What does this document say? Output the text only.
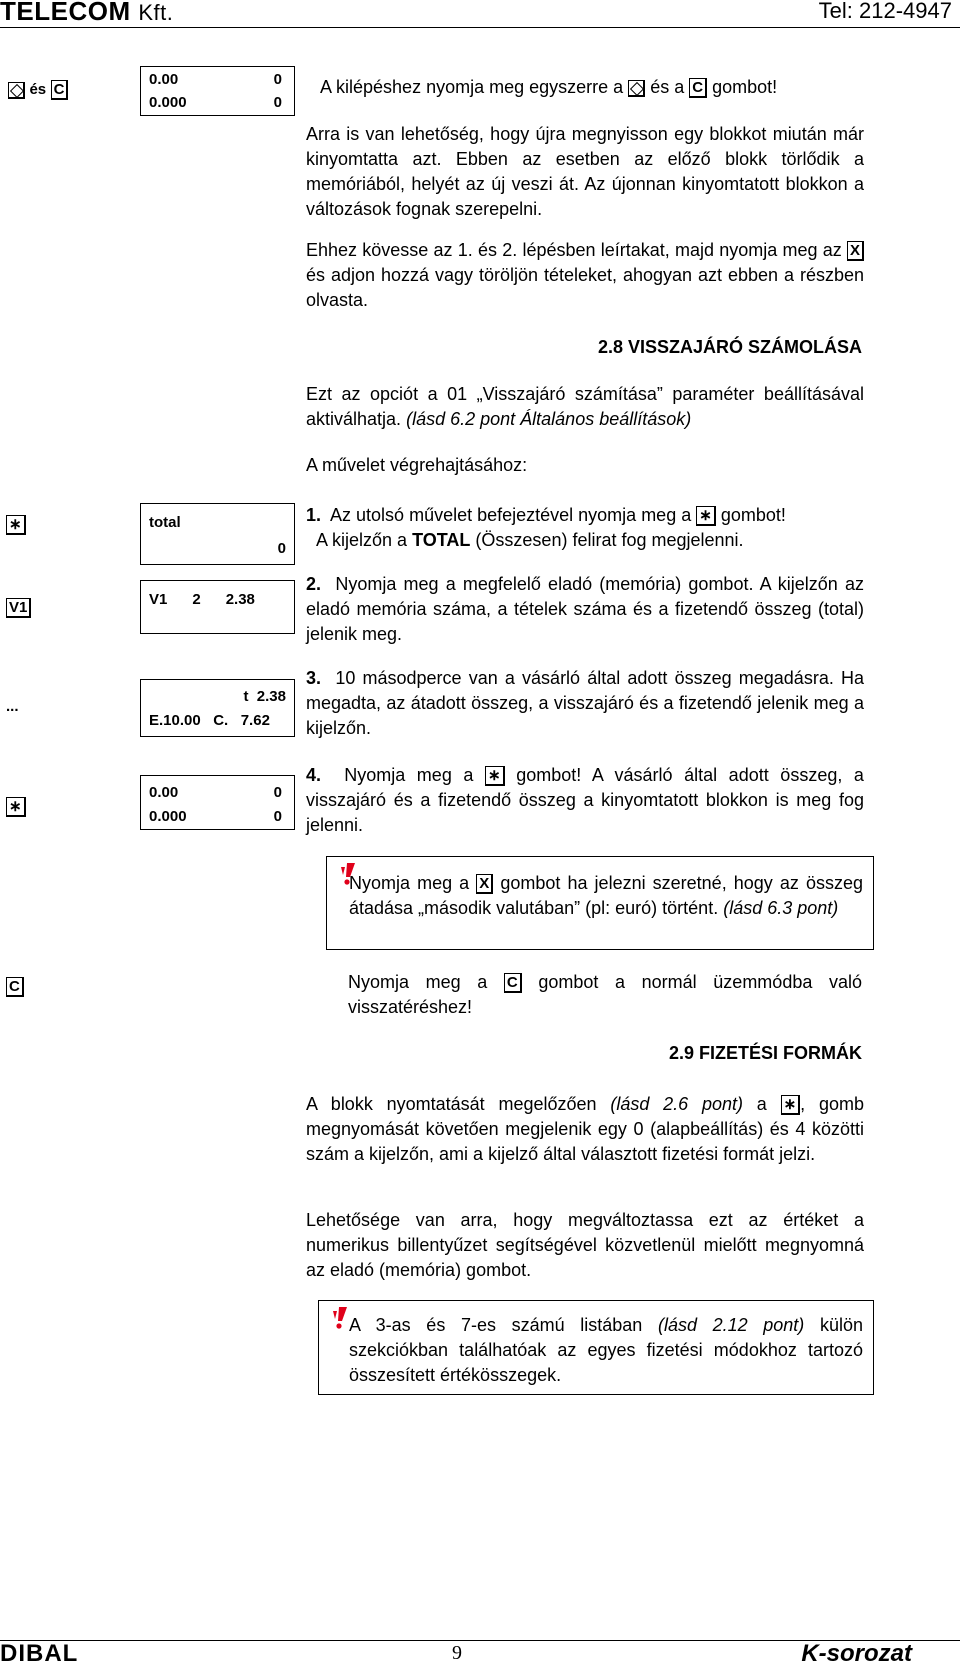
TELECOM Kft.	Tel: 212-4947
és C
0.00	0
0.000	0
A kilépéshez nyomja meg egyszerre a és a C gombot!
Arra is van lehetőség, hogy újra megnyisson egy blokkot miután már kinyomtatta azt. Ebben az esetben az előző blokk törlődik a memóriából, helyét az új veszi át. Az újonnan kinyomtatott blokkon a változások fognak szerepelni.
Ehhez kövesse az 1. és 2. lépésben leírtakat, majd nyomja meg az X és adjon hozzá vagy töröljön tételeket, ahogyan azt ebben a részben olvasta.
2.8 VISSZAJÁRÓ SZÁMOLÁSA
Ezt az opciót a 01 „Visszajáró számítása” paraméter beállításával aktiválhatja. (lásd 6.2 pont Általános beállítások)
A művelet végrehajtásához:
∗	total
0
1. Az utolsó művelet befejeztével nyomja meg a ∗ gombot!
A kijelzőn a TOTAL (Összesen) felirat fog megjelenni.
V1	V1      2      2.38
2. Nyomja meg a megfelelő eladó (memória) gombot. A kijelzőn az eladó memória száma, a tételek száma és a fizetendő összeg (total) jelenik meg.
...
t  2.38
E.10.00   C.   7.62
3. 10 másodperce van a vásárló által adott összeg megadásra. Ha megadta, az átadott összeg, a visszajáró és a fizetendő jelenik meg a kijelzőn.
∗
0.00	0
0.000	0
4. Nyomja meg a ∗ gombot! A vásárló által adott összeg, a visszajáró és a fizetendő összeg a kinyomtatott blokkon is meg fog jelenni.
Nyomja meg a X gombot ha jelezni szeretné, hogy az összeg átadása „második valutában” (pl: euró) történt. (lásd 6.3 pont)
C	Nyomja meg a C gombot a normál üzemmódba való visszatéréshez!
2.9 FIZETÉSI FORMÁK
A blokk nyomtatását megelőzően (lásd 2.6 pont) a ∗ , gomb megnyomását követően megjelenik egy 0 (alapbeállítás) és 4 közötti szám a kijelzőn, ami a kijelző által választott fizetési formát jelzi.
Lehetősége van arra, hogy megváltoztassa ezt az értéket a numerikus billentyűzet segítségével közvetlenül mielőtt megnyomná az eladó (memória) gombot.
A 3-as és 7-es számú listában (lásd 2.12 pont) külön szekciókban találhatóak az egyes fizetési módokhoz tartozó összesített értékösszegek.
DIBAL	9	K-sorozat
